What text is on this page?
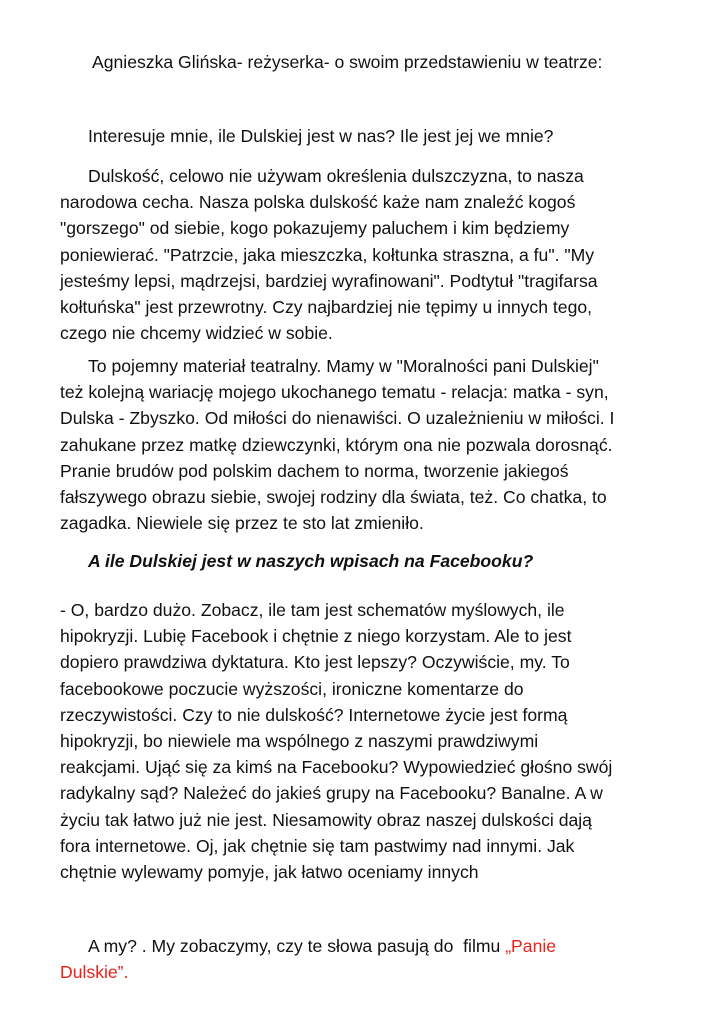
Agnieszka Glińska- reżyserka- o swoim przedstawieniu w teatrze:
Interesuje mnie, ile Dulskiej jest w nas? Ile jest jej we mnie?
Dulskość, celowo nie używam określenia dulszczyzna, to nasza
narodowa cecha. Nasza polska dulskość każe nam znaleźć kogoś
"gorszego" od siebie, kogo pokazujemy paluchem i kim będziemy
poniewierać. "Patrzcie, jaka mieszczka, kołtunka straszna, a fu". "My
jesteśmy lepsi, mądrzejsi, bardziej wyrafinowani". Podtytuł "tragifarsa
kołtuńska" jest przewrotny. Czy najbardziej nie tępimy u innych tego,
czego nie chcemy widzieć w sobie.
To pojemny materiał teatralny. Mamy w "Moralności pani Dulskiej"
też kolejną wariację mojego ukochanego tematu - relacja: matka - syn,
Dulska - Zbyszko. Od miłości do nienawiści. O uzależnieniu w miłości. I
zahukane przez matkę dziewczynki, którym ona nie pozwala dorosnąć.
Pranie brudów pod polskim dachem to norma, tworzenie jakiegoś
fałszywego obrazu siebie, swojej rodziny dla świata, też. Co chatka, to
zagadka. Niewiele się przez te sto lat zmieniło.
A ile Dulskiej jest w naszych wpisach na Facebooku?
- O, bardzo dużo. Zobacz, ile tam jest schematów myślowych, ile
hipokryzji. Lubię Facebook i chętnie z niego korzystam. Ale to jest
dopiero prawdziwa dyktatura. Kto jest lepszy? Oczywiście, my. To
facebookowe poczucie wyższości, ironiczne komentarze do
rzeczywistości. Czy to nie dulskość? Internetowe życie jest formą
hipokryzji, bo niewiele ma wspólnego z naszymi prawdziwymi
reakcjami. Ująć się za kimś na Facebooku? Wypowiedzieć głośno swój
radykalny sąd? Należeć do jakieś grupy na Facebooku? Banalne. A w
życiu tak łatwo już nie jest. Niesamowity obraz naszej dulskości dają
fora internetowe. Oj, jak chętnie się tam pastwimy nad innymi. Jak
chętnie wylewamy pomyje, jak łatwo oceniamy innych
A my? . My zobaczymy, czy te słowa pasują do  filmu „Panie
Dulskie”.
